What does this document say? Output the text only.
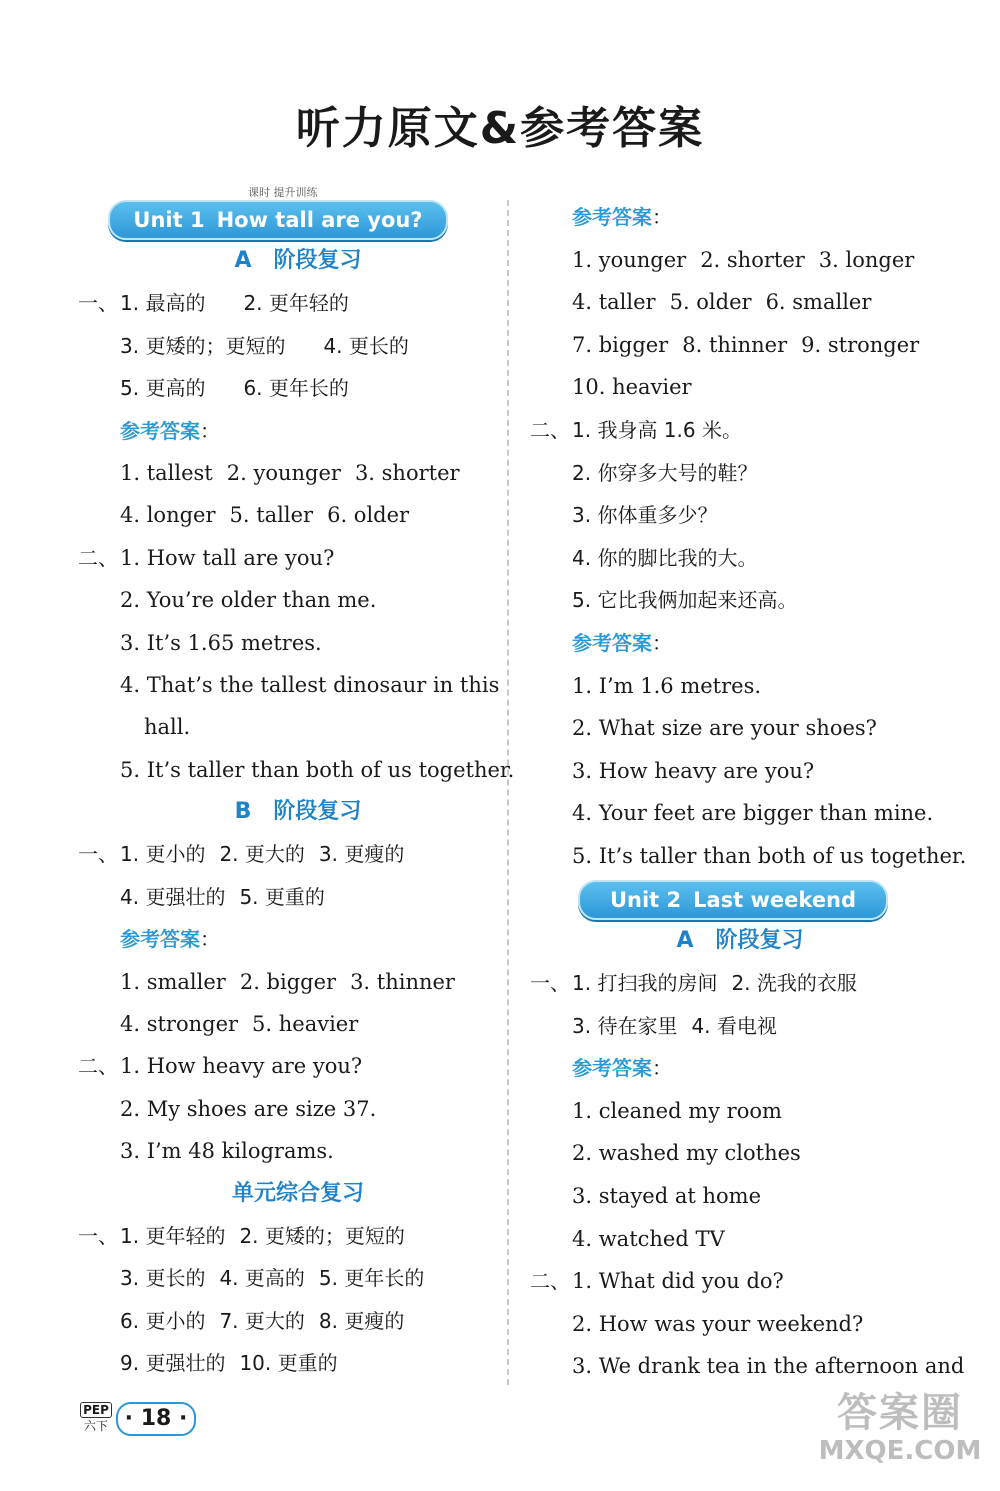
听力原文&参考答案
课时 提升训练
Unit 1 How tall are you?
A　阶段复习
一、 1. 最高的 2. 更年轻的
3. 更矮的；更短的 4. 更长的
5. 更高的 6. 更年长的
参考答案：
1. tallest 2. younger 3. shorter
4. longer 5. taller 6. older
二、 1. How tall are you?
2. You’re older than me.
3. It’s 1.65 metres.
4. That’s the tallest dinosaur in this
hall.
5. It’s taller than both of us together.
B　阶段复习
一、 1. 更小的 2. 更大的 3. 更瘦的
4. 更强壮的 5. 更重的
参考答案：
1. smaller 2. bigger 3. thinner
4. stronger 5. heavier
二、 1. How heavy are you?
2. My shoes are size 37.
3. I’m 48 kilograms.
单元综合复习
一、 1. 更年轻的 2. 更矮的；更短的
3. 更长的 4. 更高的 5. 更年长的
6. 更小的 7. 更大的 8. 更瘦的
9. 更强壮的 10. 更重的
参考答案：
1. younger 2. shorter 3. longer
4. taller 5. older 6. smaller
7. bigger 8. thinner 9. stronger
10. heavier
二、 1. 我身高 1.6 米。
2. 你穿多大号的鞋？
3. 你体重多少？
4. 你的脚比我的大。
5. 它比我俩加起来还高。
参考答案：
1. I’m 1.6 metres.
2. What size are your shoes?
3. How heavy are you?
4. Your feet are bigger than mine.
5. It’s taller than both of us together.
Unit 2 Last weekend
A　阶段复习
一、 1. 打扫我的房间 2. 洗我的衣服
3. 待在家里 4. 看电视
参考答案：
1. cleaned my room
2. washed my clothes
3. stayed at home
4. watched TV
二、 1. What did you do?
2. How was your weekend?
3. We drank tea in the afternoon and
PEP
六下 · 18 ·	答案圈
MXQE.COM
